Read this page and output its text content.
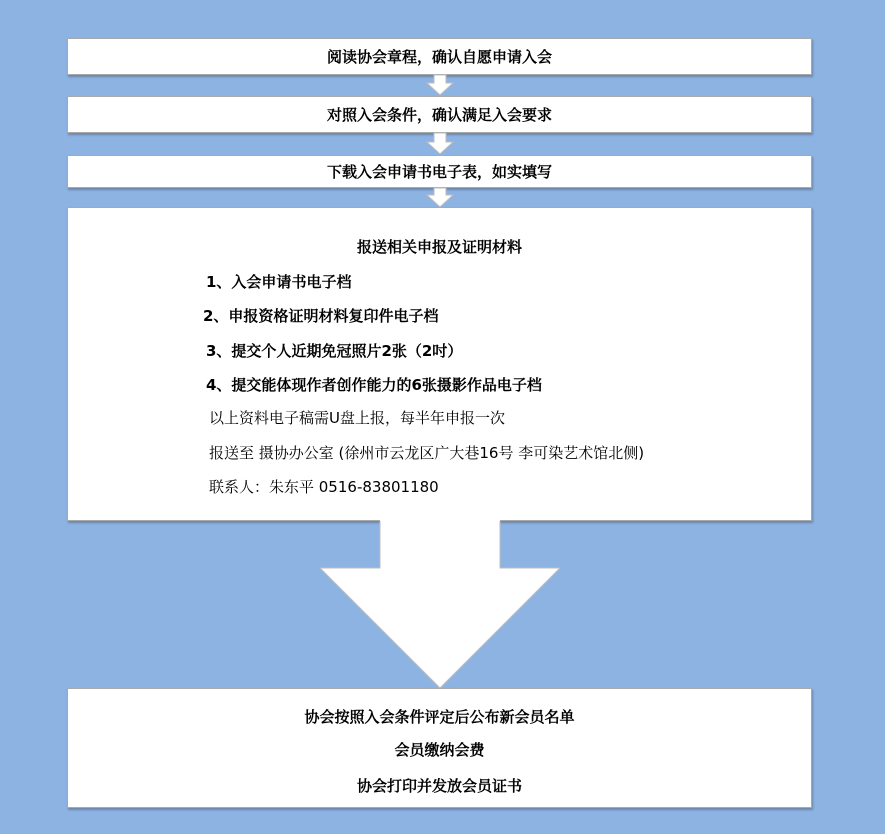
阅读协会章程，确认自愿申请入会
对照入会条件，确认满足入会要求
下载入会申请书电子表，如实填写
报送相关申报及证明材料
1、入会申请书电子档
2、申报资格证明材料复印件电子档
3、提交个人近期免冠照片2张（2吋）
4、提交能体现作者创作能力的6张摄影作品电子档
以上资料电子稿需U盘上报，每半年申报一次
报送至 摄协办公室 (徐州市云龙区广大巷16号 李可染艺术馆北侧)
联系人：朱东平 0516-83801180
协会按照入会条件评定后公布新会员名单
会员缴纳会费
协会打印并发放会员证书
